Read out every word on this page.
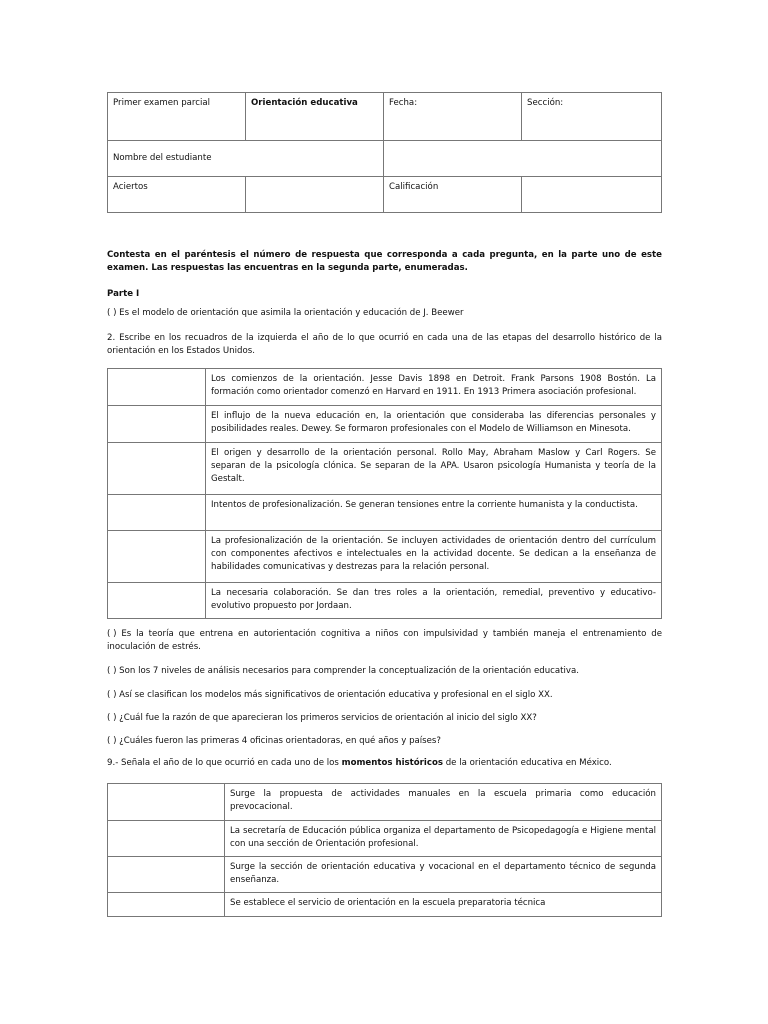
Primer examen parcial	Orientación educativa	Fecha:	Sección:
Nombre del estudiante			
Aciertos		Calificación	

Contesta en el paréntesis el número de respuesta que corresponda a cada pregunta, en la parte uno de este examen. Las respuestas las encuentras en la segunda parte, enumeradas.

Parte I

( ) Es el modelo de orientación que asimila la orientación y educación de J. Beewer

2. Escribe en los recuadros de la izquierda el año de lo que ocurrió en cada una de las etapas del desarrollo histórico de la orientación en los Estados Unidos.

	Los comienzos de la orientación. Jesse Davis 1898 en Detroit. Frank Parsons 1908 Bostón. La formación como orientador comenzó en Harvard en 1911. En 1913 Primera asociación profesional.
	El influjo de la nueva educación en, la orientación que consideraba las diferencias personales y posibilidades reales. Dewey. Se formaron profesionales con el Modelo de Williamson en Minesota.
	El origen y desarrollo de la orientación personal. Rollo May, Abraham Maslow y Carl Rogers. Se separan de la psicología clónica. Se separan de la APA. Usaron psicología Humanista y teoría de la Gestalt.
	Intentos de profesionalización. Se generan tensiones entre la corriente humanista y la conductista.
	La profesionalización de la orientación. Se incluyen actividades de orientación dentro del currículum con componentes afectivos e intelectuales en la actividad docente. Se dedican a la enseñanza de habilidades comunicativas y destrezas para la relación personal.
	La necesaria colaboración. Se dan tres roles a la orientación, remedial, preventivo y educativo-evolutivo propuesto por Jordaan.

( ) Es la teoría que entrena en autorientación cognitiva a niños con impulsividad y también maneja el entrenamiento de inoculación de estrés.

( ) Son los 7 niveles de análisis necesarios para comprender la conceptualización de la orientación educativa.

( ) Así se clasifican los modelos más significativos de orientación educativa y profesional en el siglo XX.

( ) ¿Cuál fue la razón de que aparecieran los primeros servicios de orientación al inicio del siglo XX?

( ) ¿Cuáles fueron las primeras 4 oficinas orientadoras, en qué años y países?

9.- Señala el año de lo que ocurrió en cada uno de los momentos históricos de la orientación educativa en México.

	Surge la propuesta de actividades manuales en la escuela primaria como educación prevocacional.
	La secretaría de Educación pública organiza el departamento de Psicopedagogía e Higiene mental con una sección de Orientación profesional.
	Surge la sección de orientación educativa y vocacional en el departamento técnico de segunda enseñanza.
	Se establece el servicio de orientación en la escuela preparatoria técnica
